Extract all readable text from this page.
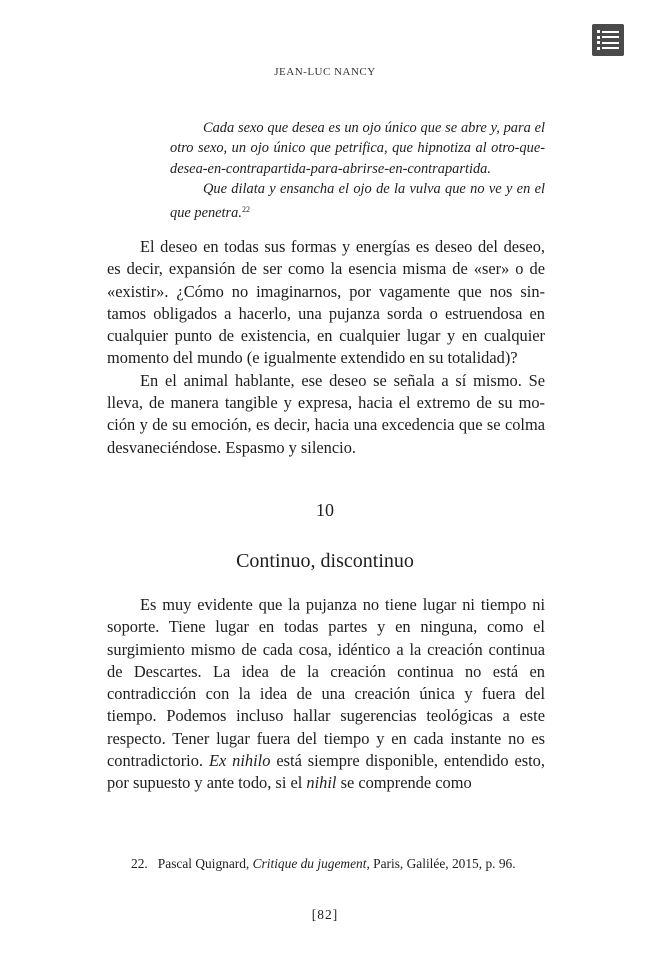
JEAN-LUC NANCY

Cada sexo que desea es un ojo único que se abre y, para el otro sexo, un ojo único que petrifica, que hipnotiza al otro-que-desea-en-contrapartida-para-abrirse-en-contrapartida.

Que dilata y ensancha el ojo de la vulva que no ve y en el que penetra.$^{22}$

El deseo en todas sus formas y energías es deseo del deseo, es decir, expansión de ser como la esencia misma de «ser» o de «existir». ¿Cómo no imaginarnos, por vagamente que nos sintamos obligados a hacerlo, una pujanza sorda o estruendosa en cualquier punto de existencia, en cualquier lugar y en cualquier momento del mundo (e igualmente extendido en su totalidad)?

En el animal hablante, ese deseo se señala a sí mismo. Se lleva, de manera tangible y expresa, hacia el extremo de su moción y de su emoción, es decir, hacia una excedencia que se colma desvaneciéndose. Espasmo y silencio.

10
Continuo, discontinuo

Es muy evidente que la pujanza no tiene lugar ni tiempo ni soporte. Tiene lugar en todas partes y en ninguna, como el surgimiento mismo de cada cosa, idéntico a la creación continua de Descartes. La idea de la creación continua no está en contradicción con la idea de una creación única y fuera del tiempo. Podemos incluso hallar sugerencias teológicas a este respecto. Tener lugar fuera del tiempo y en cada instante no es contradictorio. Ex nihilo está siempre disponible, entendido esto, por supuesto y ante todo, si el nihil se comprende como

22. Pascal Quignard, Critique du jugement, Paris, Galilée, 2015, p. 96.
[82]
